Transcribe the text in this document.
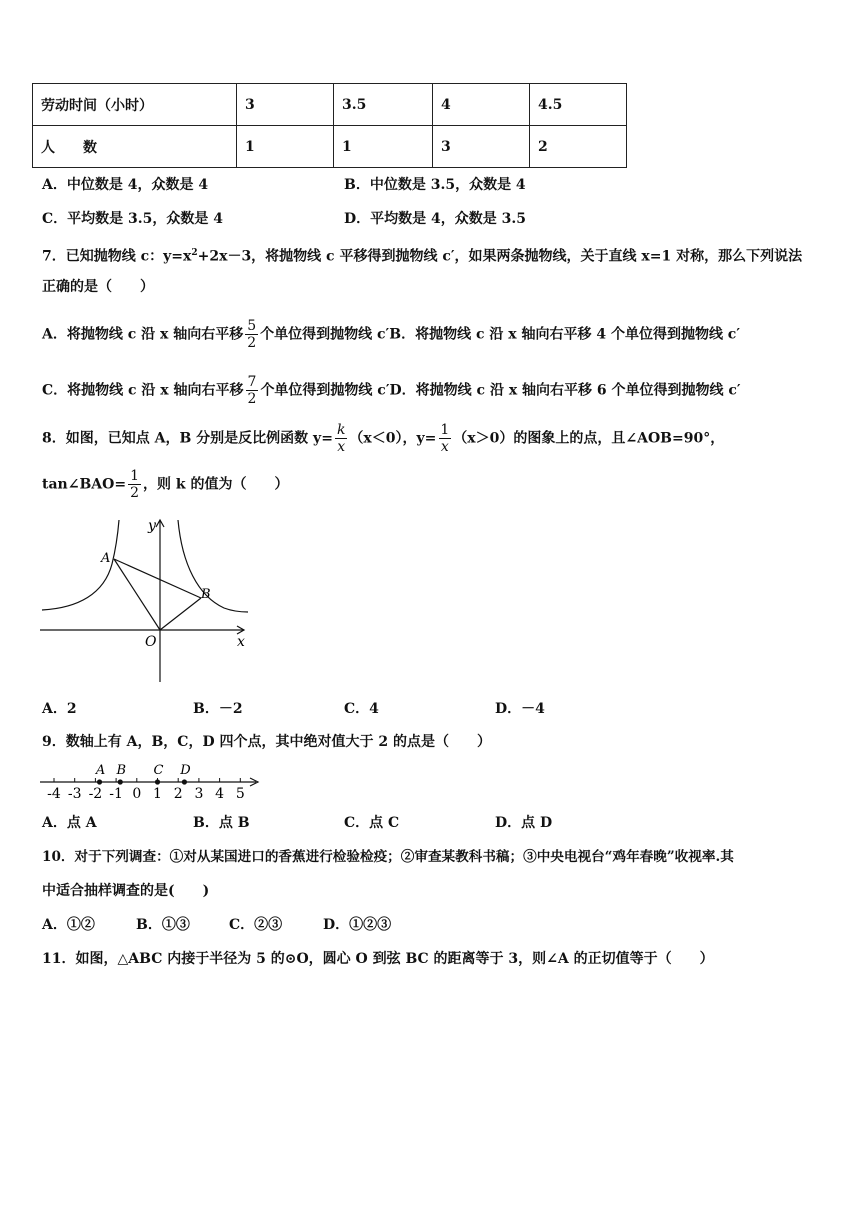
劳动时间（小时）	3	3.5	4	4.5
人　　数	1	1	3	2
A．中位数是 4，众数是 4	B．中位数是 3.5，众数是 4
C．平均数是 3.5，众数是 4	D．平均数是 4，众数是 3.5
7．已知抛物线 c：$y=x^2+2x-3$，将抛物线 c 平移得到抛物线 c′，如果两条抛物线，关于直线 x=1 对称，那么下列说法
正确的是（　　）
A．将抛物线 c 沿 x 轴向右平移 $\frac{5}{2}$ 个单位得到抛物线 c′B．将抛物线 c 沿 x 轴向右平移 4 个单位得到抛物线 c′
C．将抛物线 c 沿 x 轴向右平移 $\frac{7}{2}$ 个单位得到抛物线 c′D．将抛物线 c 沿 x 轴向右平移 6 个单位得到抛物线 c′
8．如图，已知点 A，B 分别是反比例函数 $y= \frac{k}{x} (x<0)$，$y= \frac{1}{x} (x>0)$的图象上的点，且∠AOB=90°，
tan∠BAO= $\frac{1}{2}$ ，则 k 的值为（　　）
y
x
O
A
B
A．2	B．－2	C．4	D．－4
9．数轴上有 A，B，C，D 四个点，其中绝对值大于 2 的点是（　　）
-4 -3 -2 -1 0 1 2 3 4 5
A B C D
A．点 A	B．点 B	C．点 C	D．点 D
10．对于下列调查：①对从某国进口的香蕉进行检验检疫；②审查某教科书稿；③中央电视台“鸡年春晚”收视率.其
中适合抽样调查的是(　　)
A．①②	B．①③	C．②③	D．①②③
11．如图，△ABC 内接于半径为 5 的⊙O，圆心 O 到弦 BC 的距离等于 3，则∠A 的正切值等于（　　）
